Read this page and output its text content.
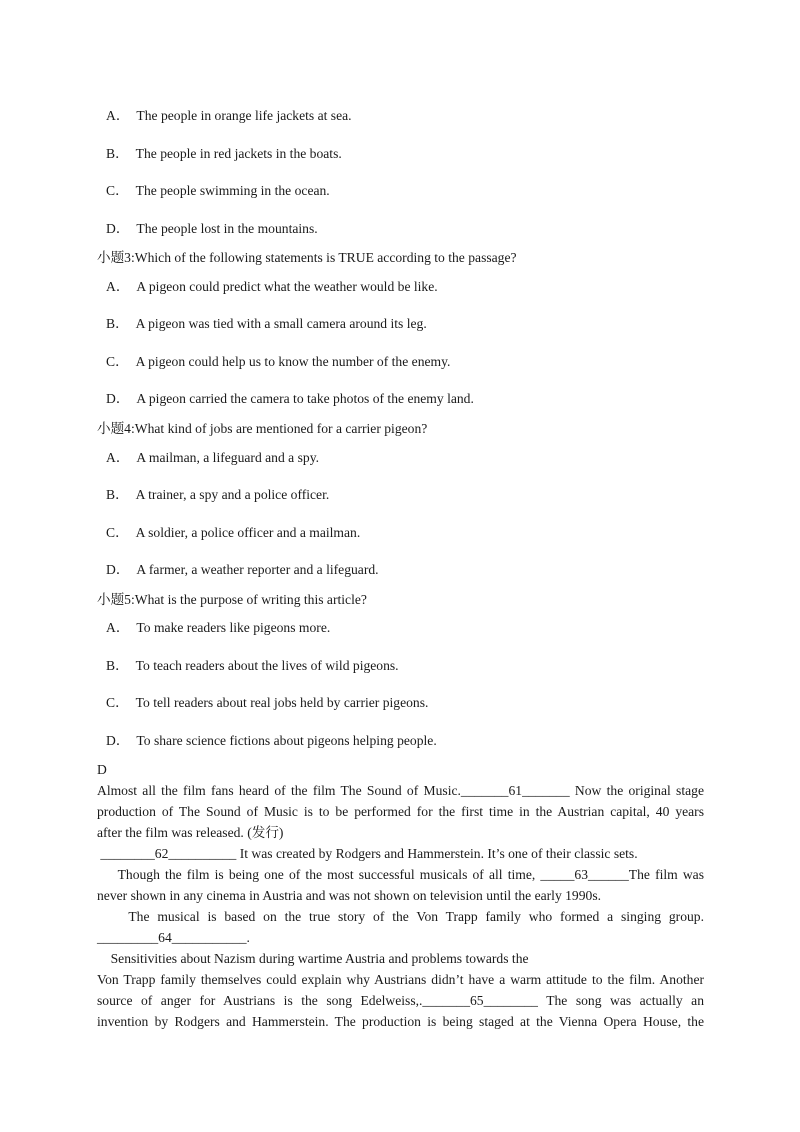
A． The people in orange life jackets at sea.
B． The people in red jackets in the boats.
C． The people swimming in the ocean.
D． The people lost in the mountains.
小题3:Which of the following statements is TRUE according to the passage?
A． A pigeon could predict what the weather would be like.
B． A pigeon was tied with a small camera around its leg.
C． A pigeon could help us to know the number of the enemy.
D． A pigeon carried the camera to take photos of the enemy land.
小题4:What kind of jobs are mentioned for a carrier pigeon?
A． A mailman, a lifeguard and a spy.
B． A trainer, a spy and a police officer.
C． A soldier, a police officer and a mailman.
D． A farmer, a weather reporter and a lifeguard.
小题5:What is the purpose of writing this article?
A． To make readers like pigeons more.
B． To teach readers about the lives of wild pigeons.
C． To tell readers about real jobs held by carrier pigeons.
D． To share science fictions about pigeons helping people.
D
Almost all the film fans heard of the film The Sound of Music._______61_______ Now the original stage
production of The Sound of Music is to be performed for the first time in the Austrian capital, 40 years
after the film was released. (发行)
________62__________ It was created by Rodgers and Hammerstein. It’s one of their classic sets.
Though the film is being one of the most successful musicals of all time, _____63______The film was
never shown in any cinema in Austria and was not shown on television until the early 1990s.
The musical is based on the true story of the Von Trapp family who formed a singing group.
_________64___________.
Sensitivities about Nazism during wartime Austria and problems towards the
Von Trapp family themselves could explain why Austrians didn’t have a warm attitude to the film. Another
source of anger for Austrians is the song Edelweiss,._______65________ The song was actually an
invention by Rodgers and Hammerstein. The production is being staged at the Vienna Opera House, the
